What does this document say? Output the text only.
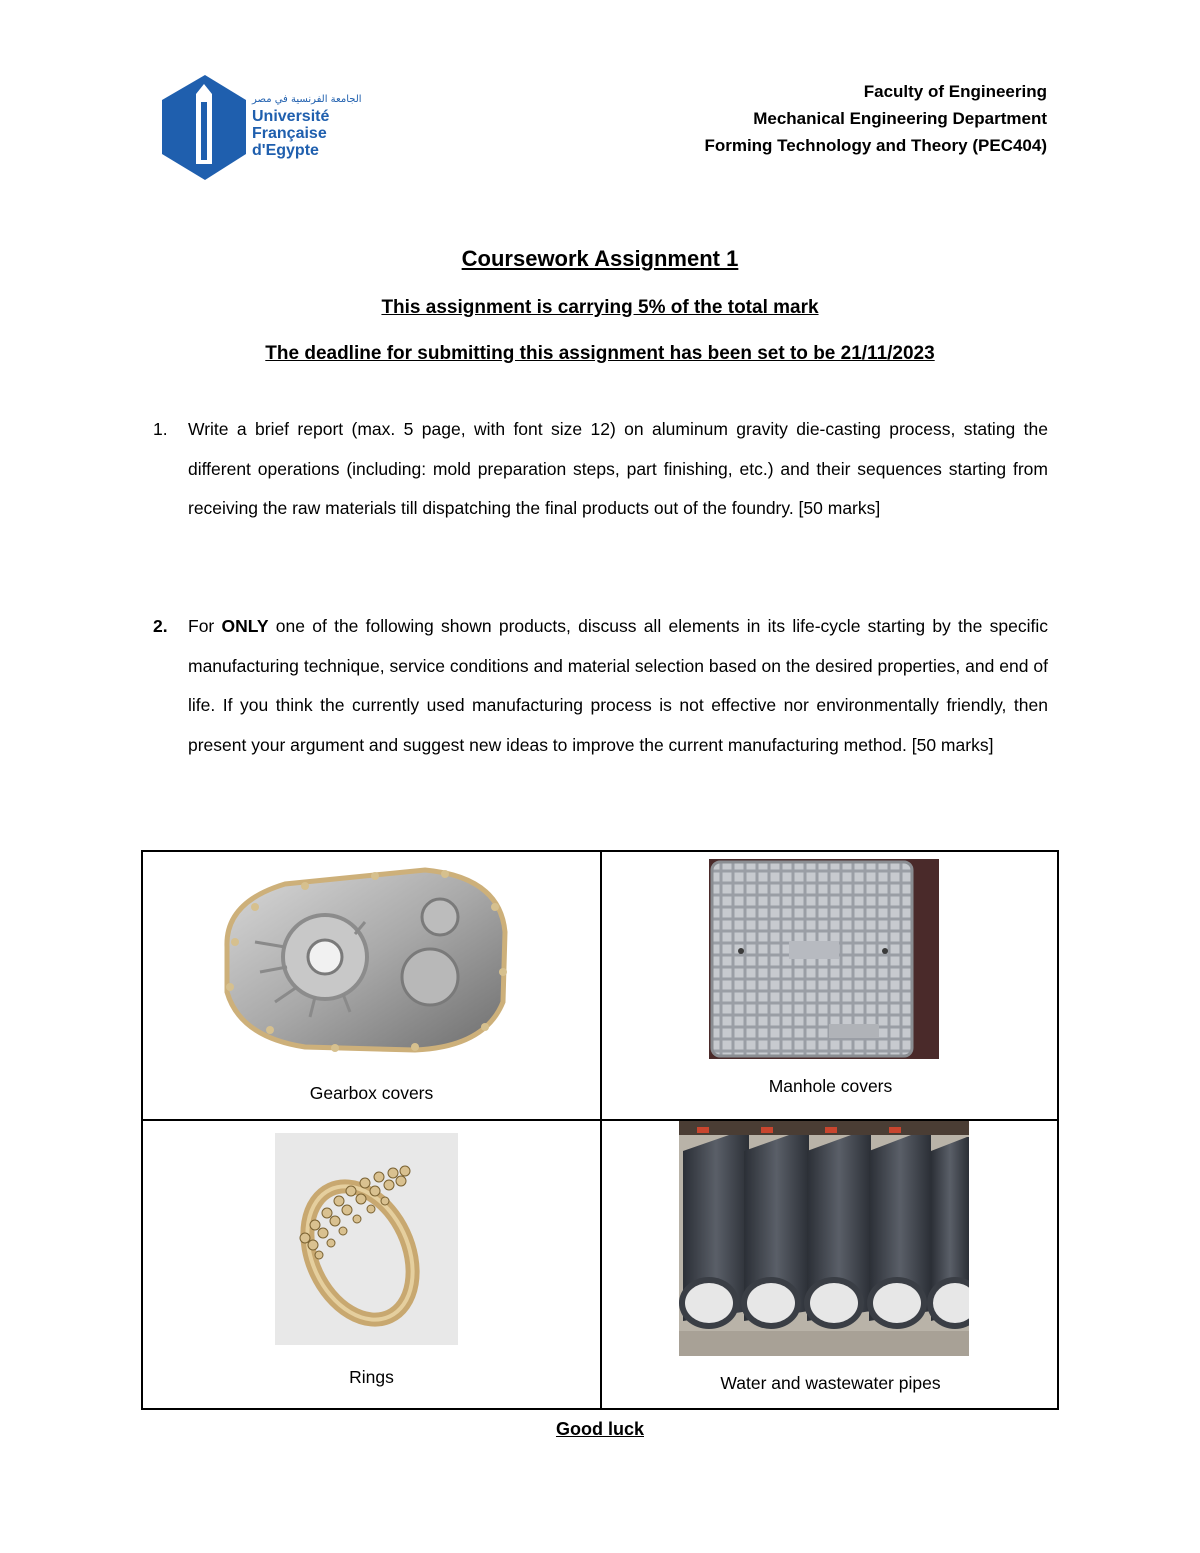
الجامعة الفرنسية في مصر
Université
Française
d'Egypte
Faculty of Engineering
Mechanical Engineering Department
Forming Technology and Theory (PEC404)
Coursework Assignment 1
This assignment is carrying 5% of the total mark
The deadline for submitting this assignment has been set to be 21/11/2023
1. Write a brief report (max. 5 page, with font size 12) on aluminum gravity die-casting process, stating the different operations (including: mold preparation steps, part finishing, etc.) and their sequences starting from receiving the raw materials till dispatching the final products out of the foundry. [50 marks]
2. For ONLY one of the following shown products, discuss all elements in its life-cycle starting by the specific manufacturing technique, service conditions and material selection based on the desired properties, and end of life. If you think the currently used manufacturing process is not effective nor environmentally friendly, then present your argument and suggest new ideas to improve the current manufacturing method. [50 marks]
Gearbox covers	Manhole covers
Rings	Water and wastewater pipes
Good luck
